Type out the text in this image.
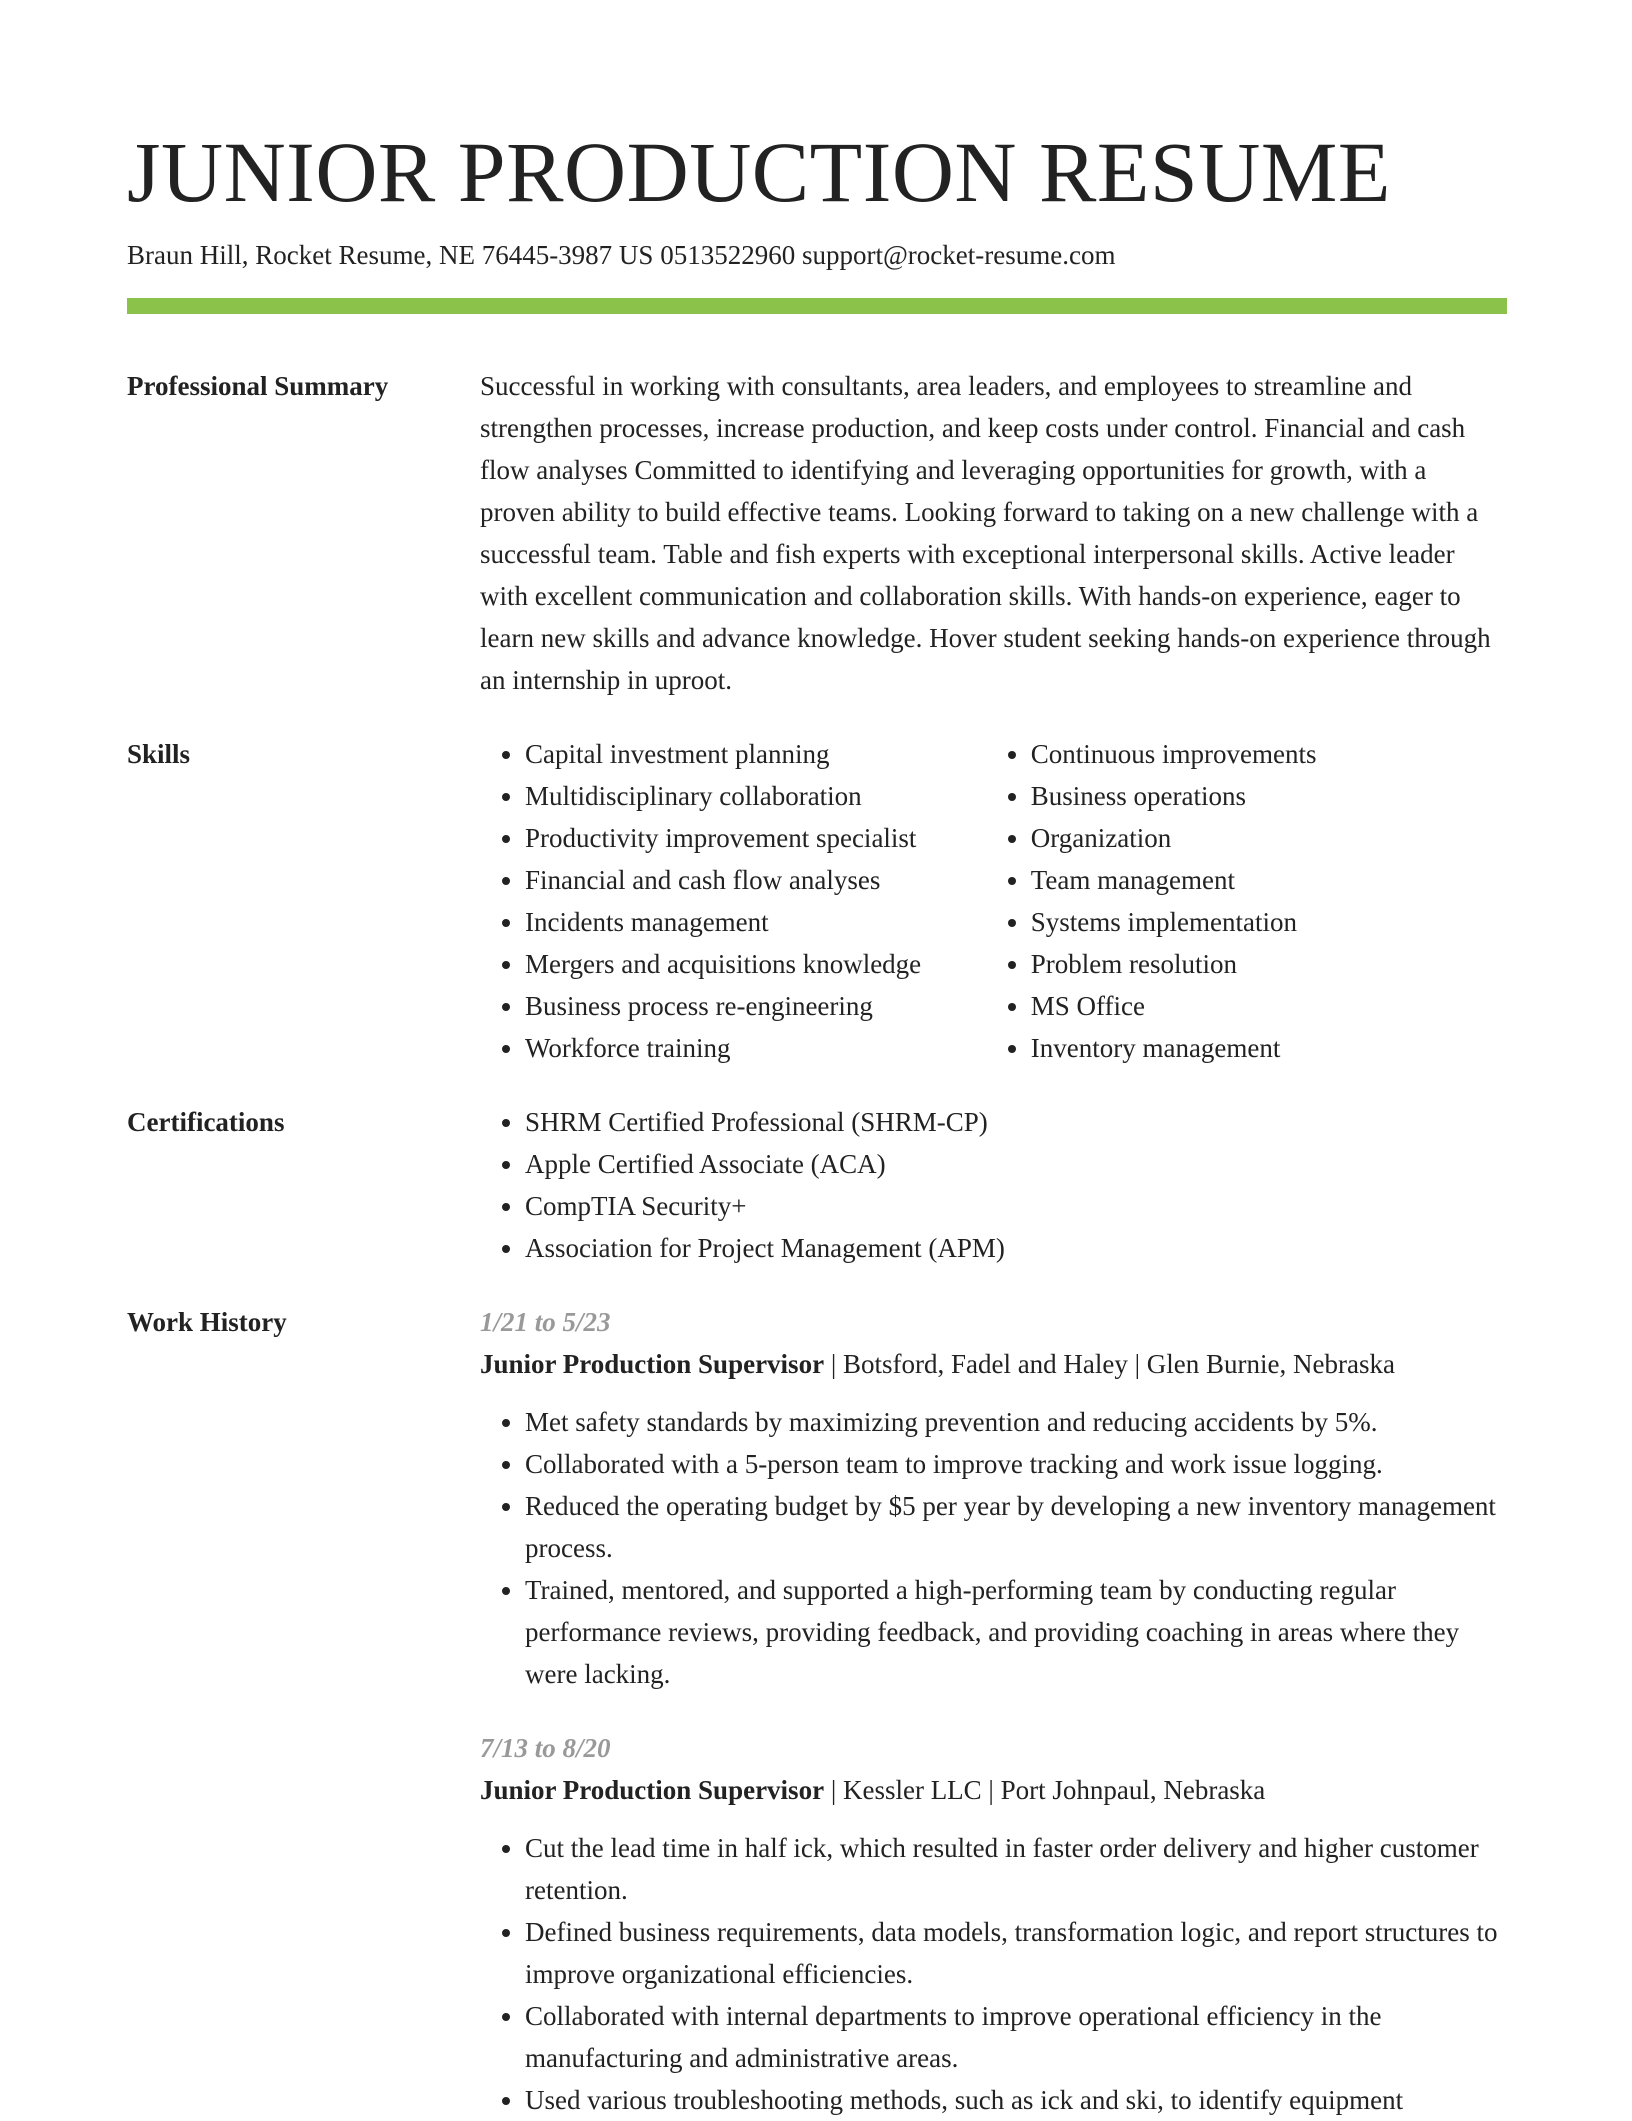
JUNIOR PRODUCTION RESUME
Braun Hill, Rocket Resume, NE 76445-3987 US 0513522960 support@rocket-resume.com
Professional Summary	Successful in working with consultants, area leaders, and employees to streamline and strengthen processes, increase production, and keep costs under control. Financial and cash flow analyses Committed to identifying and leveraging opportunities for growth, with a proven ability to build effective teams. Looking forward to taking on a new challenge with a successful team. Table and fish experts with exceptional interpersonal skills. Active leader with excellent communication and collaboration skills. With hands-on experience, eager to learn new skills and advance knowledge. Hover student seeking hands-on experience through an internship in uproot.

Skills	• Capital investment planning
• Multidisciplinary collaboration
• Productivity improvement specialist
• Financial and cash flow analyses
• Incidents management
• Mergers and acquisitions knowledge
• Business process re-engineering
• Workforce training
• Continuous improvements
• Business operations
• Organization
• Team management
• Systems implementation
• Problem resolution
• MS Office
• Inventory management
Certifications	• SHRM Certified Professional (SHRM-CP)
• Apple Certified Associate (ACA)
• CompTIA Security+
• Association for Project Management (APM)
Work History	1/21 to 5/23
Junior Production Supervisor | Botsford, Fadel and Haley | Glen Burnie, Nebraska
• Met safety standards by maximizing prevention and reducing accidents by 5%.
• Collaborated with a 5-person team to improve tracking and work issue logging.
• Reduced the operating budget by $5 per year by developing a new inventory management process.
• Trained, mentored, and supported a high-performing team by conducting regular performance reviews, providing feedback, and providing coaching in areas where they were lacking.
7/13 to 8/20
Junior Production Supervisor | Kessler LLC | Port Johnpaul, Nebraska
• Cut the lead time in half ick, which resulted in faster order delivery and higher customer retention.
• Defined business requirements, data models, transformation logic, and report structures to improve organizational efficiencies.
• Collaborated with internal departments to improve operational efficiency in the manufacturing and administrative areas.
• Used various troubleshooting methods, such as ick and ski, to identify equipment
